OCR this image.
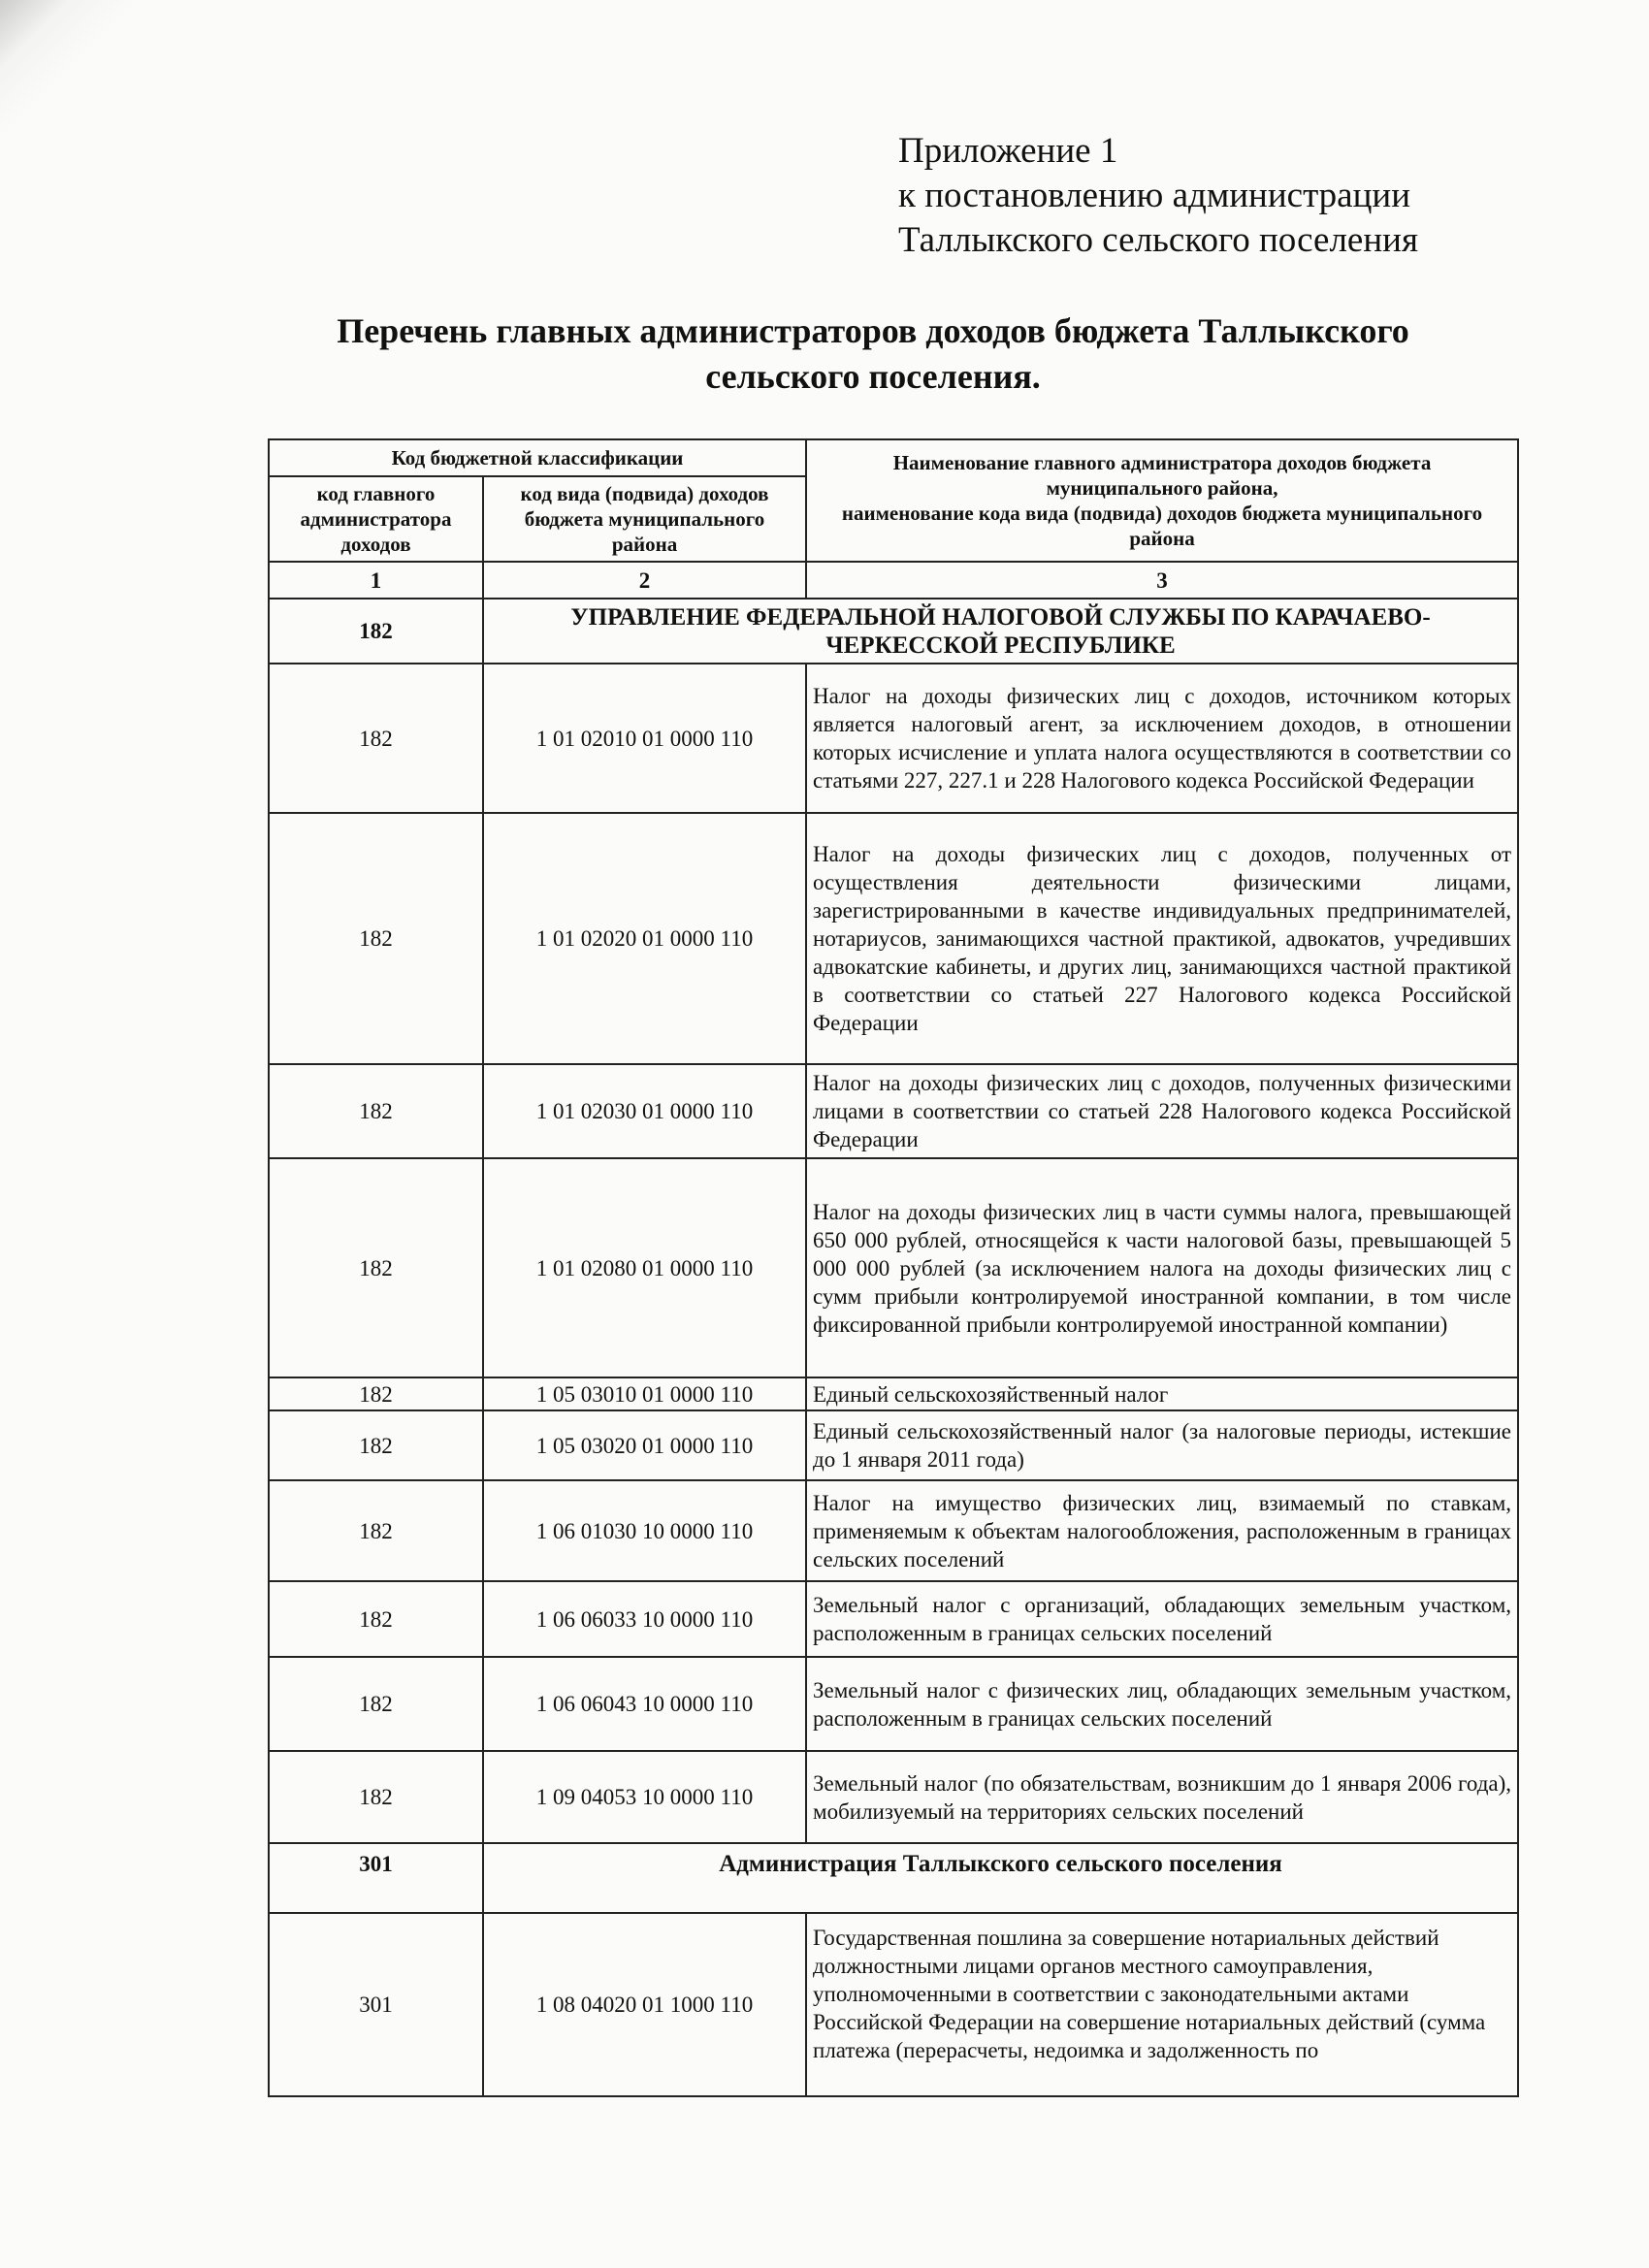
Приложение 1
к постановлению администрации
Таллыкского сельского поселения
Перечень главных администраторов доходов бюджета Таллыкского
сельского поселения.
Код бюджетной классификации		Наименование главного администратора доходов бюджета муниципального района,
наименование кода вида (подвида) доходов бюджета муниципального района

код главного администратора доходов	код вида (подвида) доходов бюджета муниципального района	
1	2	3
182	УПРАВЛЕНИЕ ФЕДЕРАЛЬНОЙ НАЛОГОВОЙ СЛУЖБЫ ПО КАРАЧАЕВО-ЧЕРКЕССКОЙ РЕСПУБЛИКЕ	
182	1 01 02010 01 0000 110	Налог на доходы физических лиц с доходов, источником которых является налоговый агент, за исключением доходов, в отношении которых исчисление и уплата налога осуществляются в соответствии со статьями 227, 227.1 и 228 Налогового кодекса Российской Федерации
182	1 01 02020 01 0000 110	Налог на доходы физических лиц с доходов, полученных от осуществления деятельности физическими лицами, зарегистрированными в качестве индивидуальных предпринимателей, нотариусов, занимающихся частной практикой, адвокатов, учредивших адвокатские кабинеты, и других лиц, занимающихся частной практикой в соответствии со статьей 227 Налогового кодекса Российской Федерации
182	1 01 02030 01 0000 110	Налог на доходы физических лиц с доходов, полученных физическими лицами в соответствии со статьей 228 Налогового кодекса Российской Федерации
182	1 01 02080 01 0000 110	Налог на доходы физических лиц в части суммы налога, превышающей 650 000 рублей, относящейся к части налоговой базы, превышающей 5 000 000 рублей (за исключением налога на доходы физических лиц с сумм прибыли контролируемой иностранной компании, в том числе фиксированной прибыли контролируемой иностранной компании)
182	1 05 03010 01 0000 110	Единый сельскохозяйственный налог
182	1 05 03020 01 0000 110	Единый сельскохозяйственный налог (за налоговые периоды, истекшие до 1 января 2011 года)
182	1 06 01030 10 0000 110	Налог на имущество физических лиц, взимаемый по ставкам, применяемым к объектам налогообложения, расположенным в границах сельских поселений
182	1 06 06033 10 0000 110	Земельный налог с организаций, обладающих земельным участком, расположенным в границах сельских поселений
182	1 06 06043 10 0000 110	Земельный налог с физических лиц, обладающих земельным участком, расположенным в границах сельских поселений
182	1 09 04053 10 0000 110	Земельный налог (по обязательствам, возникшим до 1 января 2006 года), мобилизуемый на территориях сельских поселений
301	Администрация Таллыкского сельского поселения	
301	1 08 04020 01 1000 110	Государственная пошлина за совершение нотариальных действий должностными лицами органов местного самоуправления, уполномоченными в соответствии с законодательными актами Российской Федерации на совершение нотариальных действий (сумма платежа (перерасчеты, недоимка и задолженность по
